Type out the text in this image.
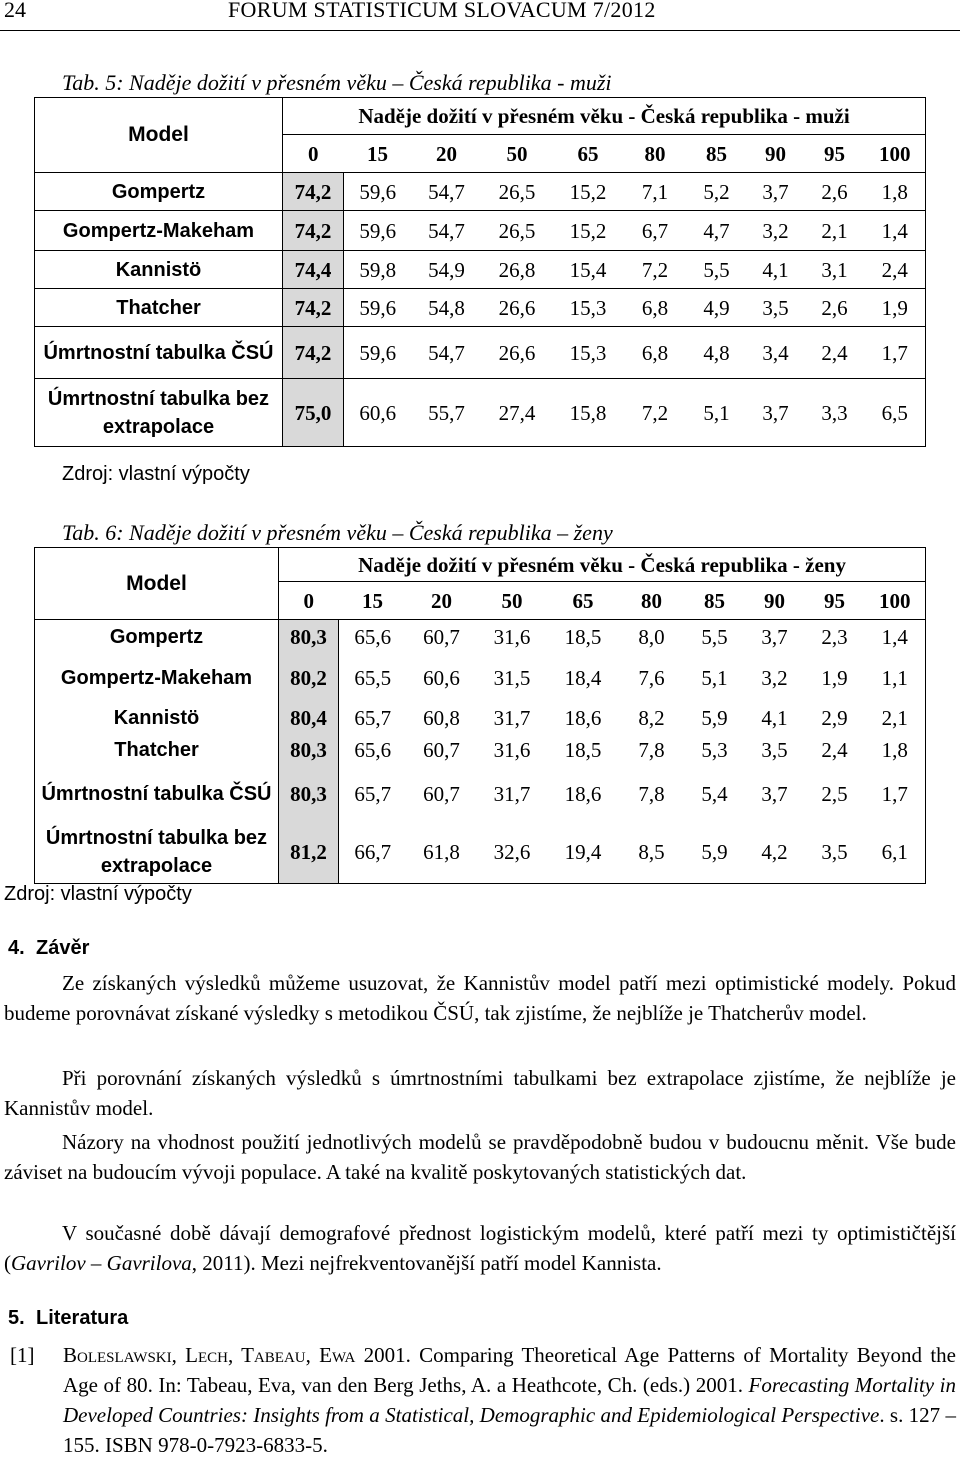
24	FORUM STATISTICUM SLOVACUM 7/2012
Tab. 5: Naděje dožití v přesném věku – Česká republika - muži
Model	Naděje dožití v přesném věku - Česká republika - muži									
	0	15	20	50	65	80	85	90	95	100
Gompertz	74,2	59,6	54,7	26,5	15,2	7,1	5,2	3,7	2,6	1,8
Gompertz-Makeham	74,2	59,6	54,7	26,5	15,2	6,7	4,7	3,2	2,1	1,4
Kannistö	74,4	59,8	54,9	26,8	15,4	7,2	5,5	4,1	3,1	2,4
Thatcher	74,2	59,6	54,8	26,6	15,3	6,8	4,9	3,5	2,6	1,9
Úmrtnostní tabulka ČSÚ	74,2	59,6	54,7	26,6	15,3	6,8	4,8	3,4	2,4	1,7
Úmrtnostní tabulka bez extrapolace	75,0	60,6	55,7	27,4	15,8	7,2	5,1	3,7	3,3	6,5
Zdroj: vlastní výpočty
Tab. 6: Naděje dožití v přesném věku – Česká republika – ženy
Model	Naděje dožití v přesném věku - Česká republika - ženy									
	0	15	20	50	65	80	85	90	95	100
Gompertz	80,3	65,6	60,7	31,6	18,5	8,0	5,5	3,7	2,3	1,4
Gompertz-Makeham	80,2	65,5	60,6	31,5	18,4	7,6	5,1	3,2	1,9	1,1
Kannistö	80,4	65,7	60,8	31,7	18,6	8,2	5,9	4,1	2,9	2,1
Thatcher	80,3	65,6	60,7	31,6	18,5	7,8	5,3	3,5	2,4	1,8
Úmrtnostní tabulka ČSÚ	80,3	65,7	60,7	31,7	18,6	7,8	5,4	3,7	2,5	1,7
Úmrtnostní tabulka bez extrapolace	81,2	66,7	61,8	32,6	19,4	8,5	5,9	4,2	3,5	6,1
Zdroj: vlastní výpočty
4. Závěr
Ze získaných výsledků můžeme usuzovat, že Kannistův model patří mezi optimistické modely. Pokud budeme porovnávat získané výsledky s metodikou ČSÚ, tak zjistíme, že nejblíže je Thatcherův model.
Při porovnání získaných výsledků s úmrtnostními tabulkami bez extrapolace zjistíme, že nejblíže je Kannistův model.
Názory na vhodnost použití jednotlivých modelů se pravděpodobně budou v budoucnu měnit. Vše bude záviset na budoucím vývoji populace. A také na kvalitě poskytovaných statistických dat.
V současné době dávají demografové přednost logistickým modelů, které patří mezi ty optimističtější (Gavrilov – Gavrilova, 2011). Mezi nejfrekventovanější patří model Kannista.
5. Literatura
[1] Boleslawski, Lech, Tabeau, Ewa 2001. Comparing Theoretical Age Patterns of Mortality Beyond the Age of 80. In: Tabeau, Eva, van den Berg Jeths, A. a Heathcote, Ch. (eds.) 2001. Forecasting Mortality in Developed Countries: Insights from a Statistical, Demographic and Epidemiological Perspective. s. 127 – 155. ISBN 978-0-7923-6833-5.
